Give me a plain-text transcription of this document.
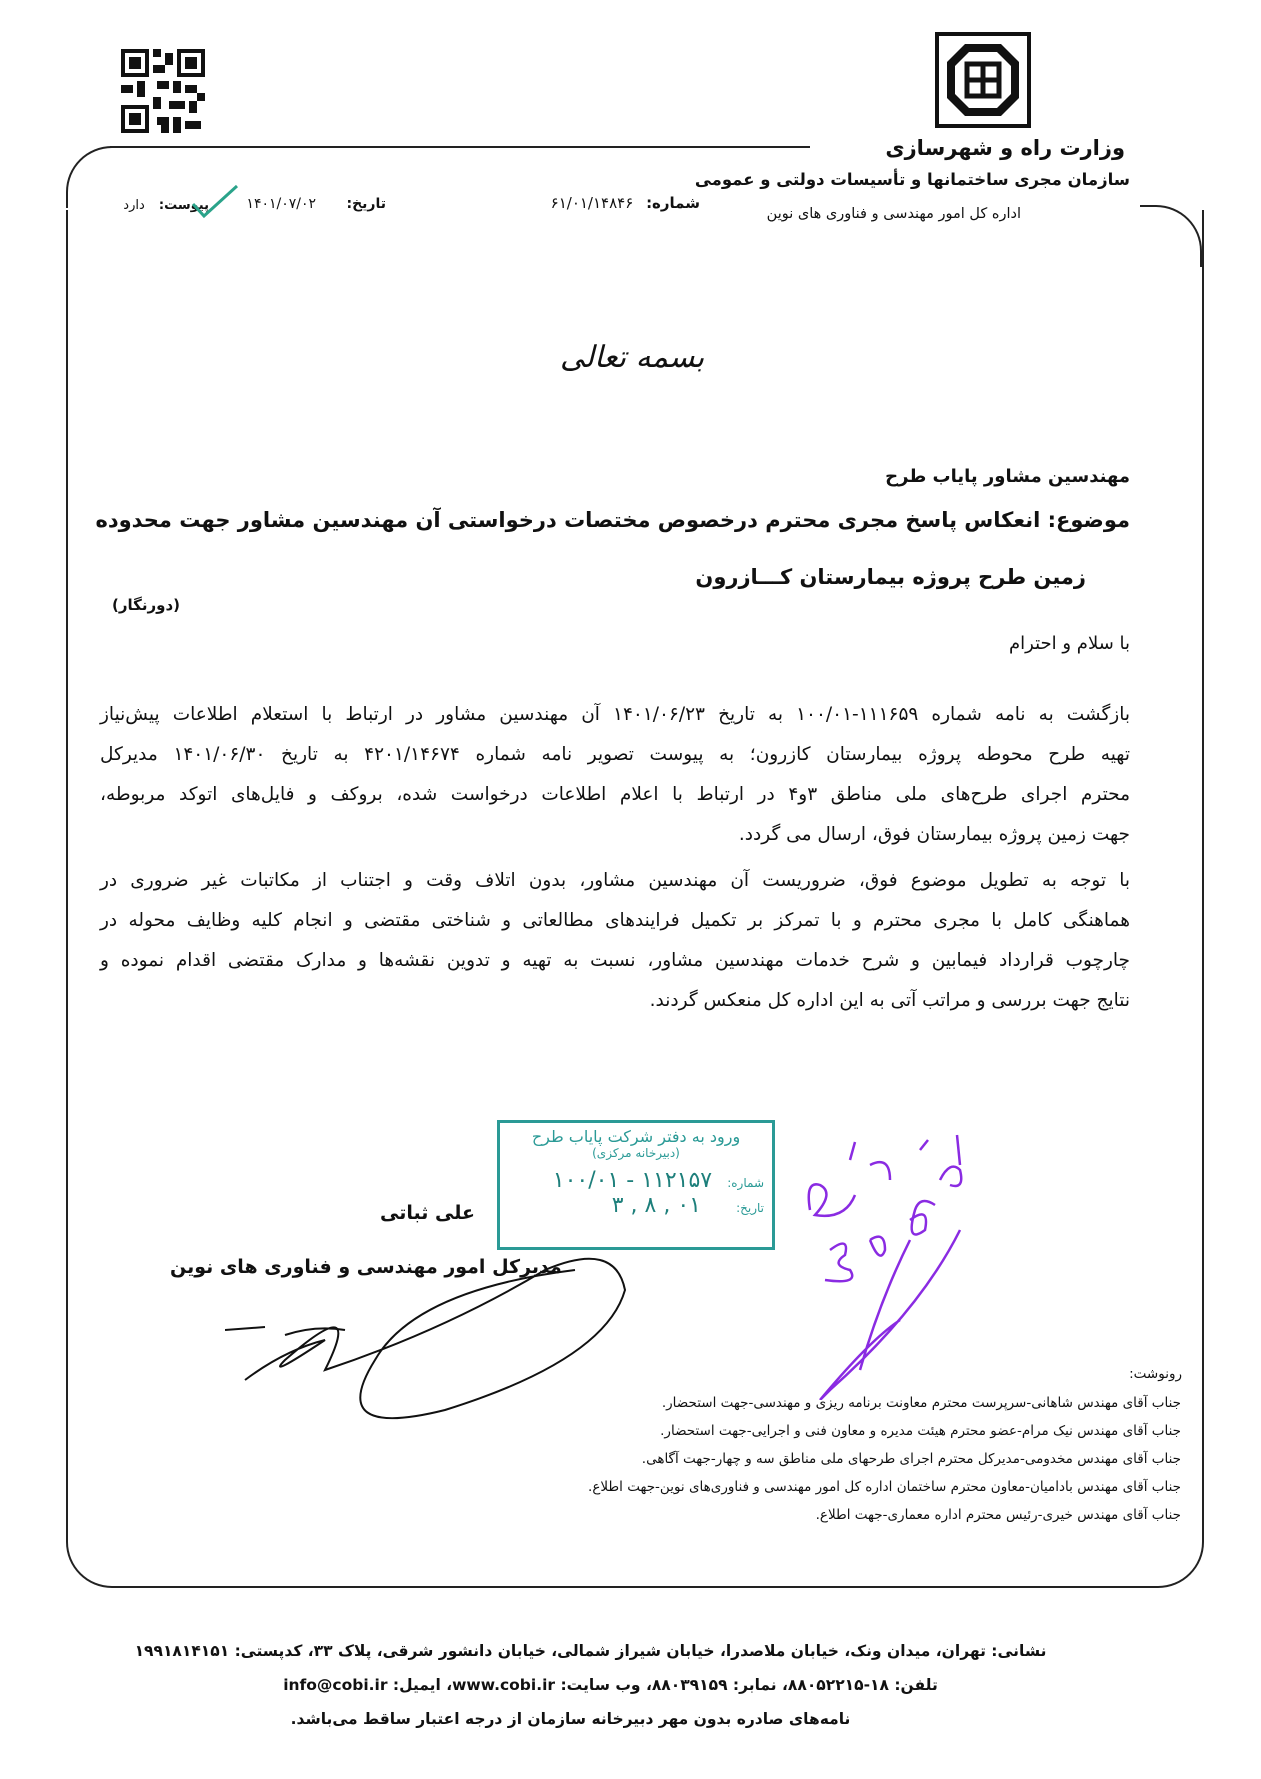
وزارت راه و شهرسازی
سازمان مجری ساختمانها و تأسیسات دولتی و عمومی
اداره کل امور مهندسی و فناوری های نوین
شماره: ۶۱/۰۱/۱۴۸۴۶
تاریخ: ۱۴۰۱/۰۷/۰۲
پیوست: دارد
بسمه تعالی
مهندسین مشاور پایاب طرح
موضوع: انعکاس پاسخ مجری محترم درخصوص مختصات درخواستی آن مهندسین مشاور جهت محدوده
زمین طرح پروژه بیمارستان کـــازرون
(دورنگار)
با سلام و احترام
بازگشت به نامه شماره ۱۱۱۶۵۹-۱۰۰/۰۱ به تاریخ ۱۴۰۱/۰۶/۲۳ آن مهندسین مشاور در ارتباط با استعلام اطلاعات پیش‌نیاز
تهیه طرح محوطه پروژه بیمارستان کازرون؛ به پیوست تصویر نامه شماره ۴۲۰۱/۱۴۶۷۴ به تاریخ ۱۴۰۱/۰۶/۳۰ مدیرکل
محترم اجرای طرح‌های ملی مناطق ۳و۴ در ارتباط با اعلام اطلاعات درخواست شده، بروکف و فایل‌های اتوکد مربوطه،
جهت زمین پروژه بیمارستان فوق، ارسال می گردد.
با توجه به تطویل موضوع فوق، ضروریست آن مهندسین مشاور، بدون اتلاف وقت و اجتناب از مکاتبات غیر ضروری در
هماهنگی کامل با مجری محترم و با تمرکز بر تکمیل فرایندهای مطالعاتی و شناختی مقتضی و انجام کلیه وظایف محوله در
چارچوب قرارداد فیمابین و شرح خدمات مهندسین مشاور، نسبت به تهیه و تدوین نقشه‌ها و مدارک مقتضی اقدام نموده و
نتایج جهت بررسی و مراتب آتی به این اداره کل منعکس گردند.
ورود به دفتر شرکت پایاب طرح
(دبیرخانه مرکزی)
شماره: ۱۱۲۱۵۷ - ۱۰۰/۰۱
تاریخ: ۰۱ , ۸ , ۳
علی ثباتی
مدیرکل امور مهندسی و فناوری های نوین
رونوشت:
جناب آقای مهندس شاهانی-سرپرست محترم معاونت برنامه ریزی و مهندسی-جهت استحضار.
جناب آقای مهندس نیک مرام-عضو محترم هیئت مدیره و معاون فنی و اجرایی-جهت استحضار.
جناب آقای مهندس مخدومی-مدیرکل محترم اجرای طرحهای ملی مناطق سه و چهار-جهت آگاهی.
جناب آقای مهندس بادامیان-معاون محترم ساختمان اداره کل امور مهندسی و فناوری‌های نوین-جهت اطلاع.
جناب آقای مهندس خیری-رئیس محترم اداره معماری-جهت اطلاع.
نشانی: تهران، میدان ونک، خیابان ملاصدرا، خیابان شیراز شمالی، خیابان دانشور شرقی، پلاک ۳۳، کدپستی: ۱۹۹۱۸۱۴۱۵۱
تلفن: ۱۸-۸۸۰۵۲۲۱۵، نمابر: ۸۸۰۳۹۱۵۹، وب سایت: www.cobi.ir، ایمیل: info@cobi.ir
نامه‌های صادره بدون مهر دبیرخانه سازمان از درجه اعتبار ساقط می‌باشد.
